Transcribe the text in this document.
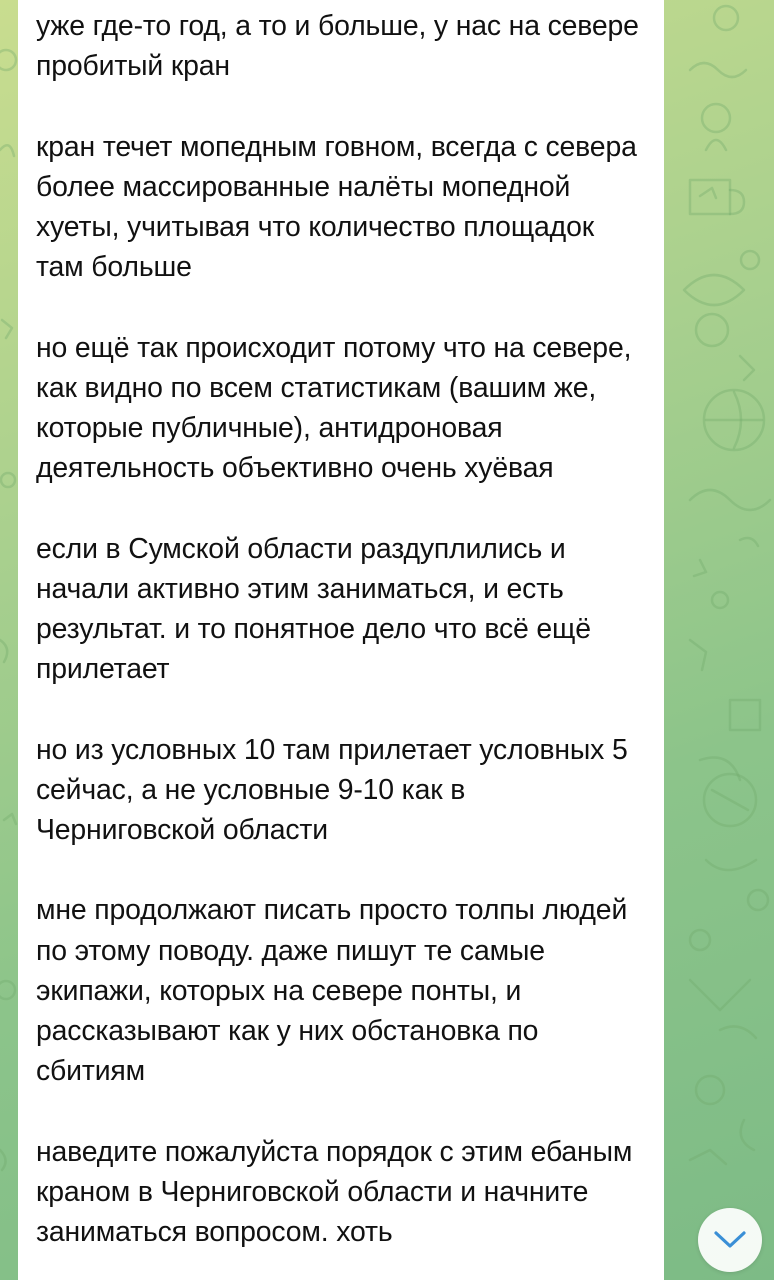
уже где-то год, а то и больше, у нас на севере пробитый кран
кран течет мопедным говном, всегда с севера более массированные налёты мопедной хуеты, учитывая что количество площадок там больше
но ещё так происходит потому что на севере, как видно по всем статистикам (вашим же, которые публичные), антидроновая деятельность объективно очень хуёвая
если в Сумской области раздуплились и начали активно этим заниматься, и есть результат. и то понятное дело что всё ещё прилетает
но из условных 10 там прилетает условных 5 сейчас, а не условные 9-10 как в Черниговской области
мне продолжают писать просто толпы людей по этому поводу. даже пишут те самые экипажи, которых на севере понты, и рассказывают как у них обстановка по сбитиям
наведите пожалуйста порядок с этим ебаным краном в Черниговской области и начните заниматься вопросом. хоть
